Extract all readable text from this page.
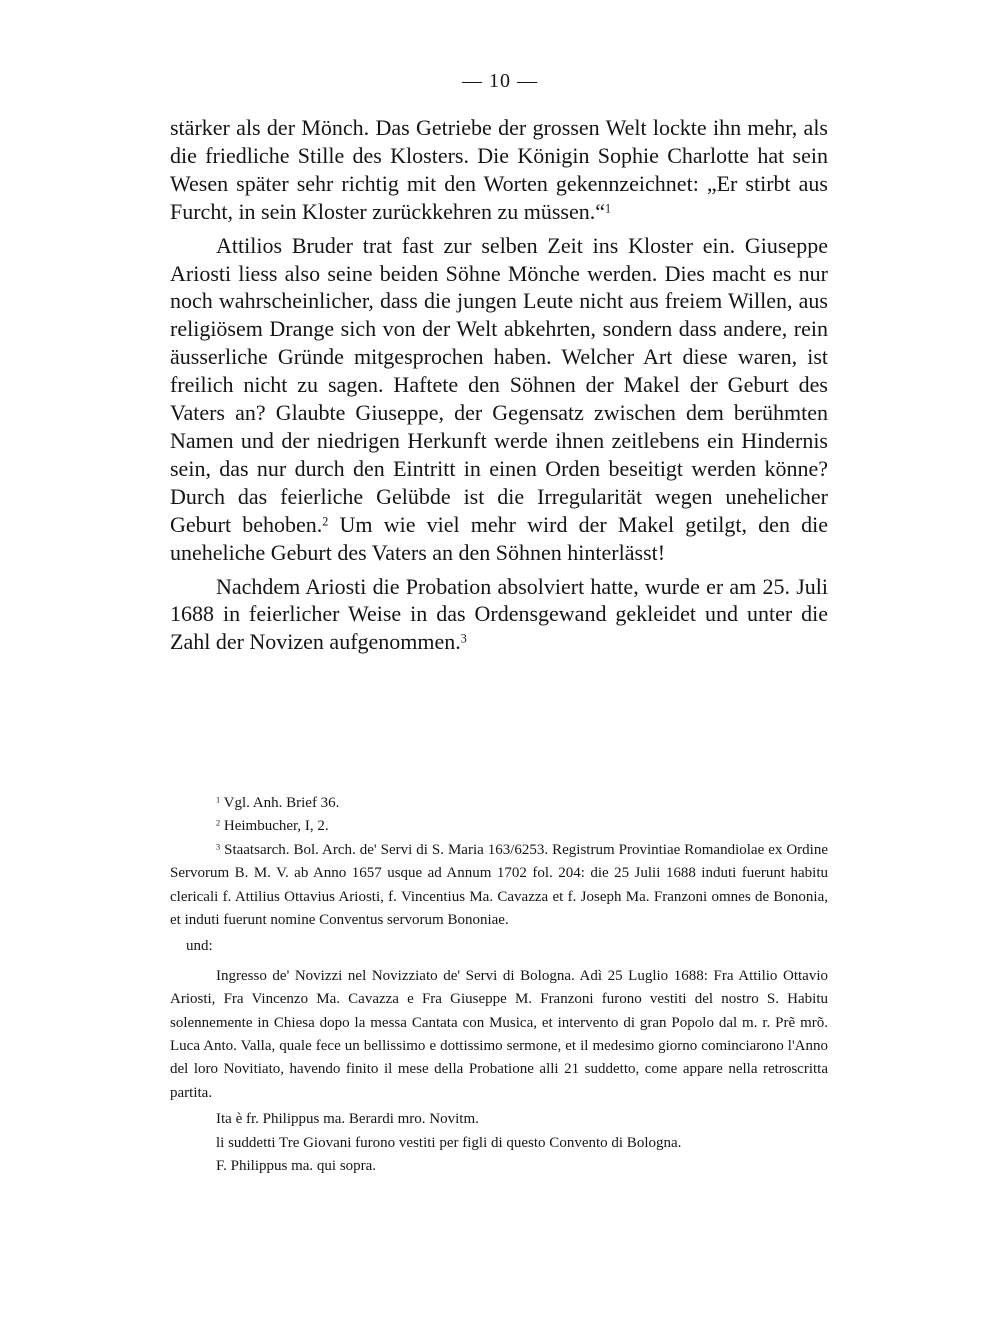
— 10 —

stärker als der Mönch. Das Getriebe der grossen Welt lockte ihn mehr, als die friedliche Stille des Klosters. Die Königin Sophie Charlotte hat sein Wesen später sehr richtig mit den Worten gekennzeichnet: „Er stirbt aus Furcht, in sein Kloster zurückkehren zu müssen.“$^1$

Attilios Bruder trat fast zur selben Zeit ins Kloster ein. Giuseppe Ariosti liess also seine beiden Söhne Mönche werden. Dies macht es nur noch wahrscheinlicher, dass die jungen Leute nicht aus freiem Willen, aus religiösem Drange sich von der Welt abkehrten, sondern dass andere, rein äusserliche Gründe mitgesprochen haben. Welcher Art diese waren, ist freilich nicht zu sagen. Haftete den Söhnen der Makel der Geburt des Vaters an? Glaubte Giuseppe, der Gegensatz zwischen dem berühmten Namen und der niedrigen Herkunft werde ihnen zeitlebens ein Hindernis sein, das nur durch den Eintritt in einen Orden beseitigt werden könne? Durch das feierliche Gelübde ist die Irregularität wegen unehelicher Geburt behoben.$^2$ Um wie viel mehr wird der Makel getilgt, den die uneheliche Geburt des Vaters an den Söhnen hinterlässt!

Nachdem Ariosti die Probation absolviert hatte, wurde er am 25. Juli 1688 in feierlicher Weise in das Ordensgewand gekleidet und unter die Zahl der Novizen aufgenommen.$^3$

$^1$ Vgl. Anh. Brief 36.

$^2$ Heimbucher, I, 2.

$^3$ Staatsarch. Bol. Arch. de' Servi di S. Maria 163/6253. Registrum Provintiae Romandiolae ex Ordine Servorum B. M. V. ab Anno 1657 usque ad Annum 1702 fol. 204: die 25 Julii 1688 induti fuerunt habitu clericali f. Attilius Ottavius Ariosti, f. Vincentius Ma. Cavazza et f. Joseph Ma. Franzoni omnes de Bononia, et induti fuerunt nomine Conventus servorum Bononiae.

und:

Ingresso de' Novizzi nel Novizziato de' Servi di Bologna. Adì 25 Luglio 1688: Fra Attilio Ottavio Ariosti, Fra Vincenzo Ma. Cavazza e Fra Giuseppe M. Franzoni furono vestiti del nostro S. Habitu solennemente in Chiesa dopo la messa Cantata con Musica, et intervento di gran Popolo dal m. r. Prẽ mrõ. Luca Anto. Valla, quale fece un bellissimo e dottissimo sermone, et il medesimo giorno cominciarono l'Anno del loro Novitiato, havendo finito il mese della Probatione alli 21 suddetto, come appare nella retroscritta partita.

Ita è fr. Philippus ma. Berardi mro. Novitm.

li suddetti Tre Giovani furono vestiti per figli di questo Convento di Bologna.

F. Philippus ma. qui sopra.
